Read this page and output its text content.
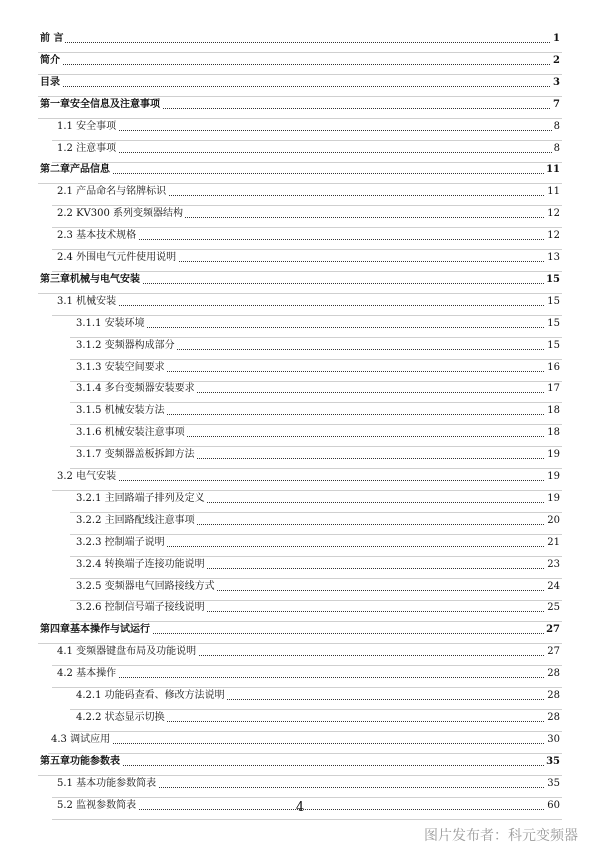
前 言	1
简介	2
目录	3
第一章安全信息及注意事项	7
1.1 安全事项	8
1.2 注意事项	8
第二章产品信息	11
2.1 产品命名与铭牌标识	11
2.2 KV300 系列变频器结构	12
2.3 基本技术规格	12
2.4 外围电气元件使用说明	13
第三章机械与电气安装	15
3.1 机械安装	15
3.1.1 安装环境	15
3.1.2 变频器构成部分	15
3.1.3 安装空间要求	16
3.1.4 多台变频器安装要求	17
3.1.5 机械安装方法	18
3.1.6 机械安装注意事项	18
3.1.7 变频器盖板拆卸方法	19
3.2 电气安装	19
3.2.1 主回路端子排列及定义	19
3.2.2 主回路配线注意事项	20
3.2.3 控制端子说明	21
3.2.4 转换端子连接功能说明	23
3.2.5 变频器电气回路接线方式	24
3.2.6 控制信号端子接线说明	25
第四章基本操作与试运行	27
4.1 变频器键盘布局及功能说明	27
4.2 基本操作	28
4.2.1 功能码查看、修改方法说明	28
4.2.2 状态显示切换	28
4.3 调试应用	30
第五章功能参数表	35
5.1 基本功能参数简表	35
5.2 监视参数简表	60
4
图片发布者：科元变频器
